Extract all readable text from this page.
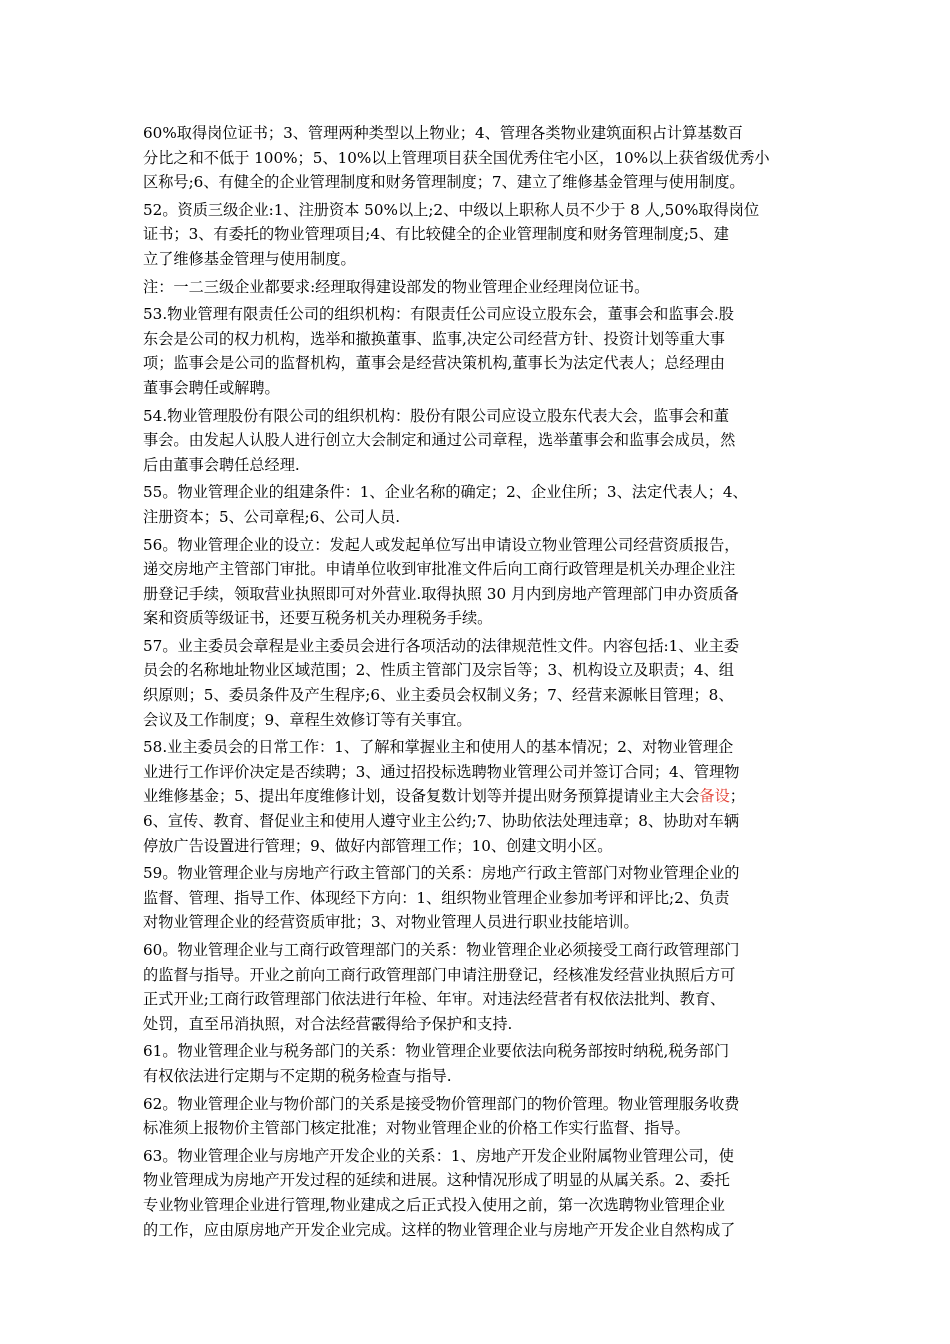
60%取得岗位证书；3、管理两种类型以上物业；4、管理各类物业建筑面积占计算基数百
分比之和不低于 100%；5、10%以上管理项目获全国优秀住宅小区，10%以上获省级优秀小
区称号;6、有健全的企业管理制度和财务管理制度；7、建立了维修基金管理与使用制度。

52。资质三级企业:1、注册资本 50%以上;2、中级以上职称人员不少于 8 人,50%取得岗位
证书；3、有委托的物业管理项目;4、有比较健全的企业管理制度和财务管理制度;5、建
立了维修基金管理与使用制度。

注：一二三级企业都要求:经理取得建设部发的物业管理企业经理岗位证书。

53.物业管理有限责任公司的组织机构：有限责任公司应设立股东会，董事会和监事会.股
东会是公司的权力机构，选举和撤换董事、监事,决定公司经营方针、投资计划等重大事
项；监事会是公司的监督机构，董事会是经营决策机构,董事长为法定代表人；总经理由
董事会聘任或解聘。

54.物业管理股份有限公司的组织机构：股份有限公司应设立股东代表大会，监事会和董
事会。由发起人认股人进行创立大会制定和通过公司章程，选举董事会和监事会成员，然
后由董事会聘任总经理.

55。物业管理企业的组建条件：1、企业名称的确定；2、企业住所；3、法定代表人；4、
注册资本；5、公司章程;6、公司人员.

56。物业管理企业的设立：发起人或发起单位写出申请设立物业管理公司经营资质报告，
递交房地产主管部门审批。申请单位收到审批准文件后向工商行政管理是机关办理企业注
册登记手续，领取营业执照即可对外营业.取得执照 30 月内到房地产管理部门申办资质备
案和资质等级证书，还要互税务机关办理税务手续。

57。业主委员会章程是业主委员会进行各项活动的法律规范性文件。内容包括:1、业主委
员会的名称地址物业区域范围；2、性质主管部门及宗旨等；3、机构设立及职责；4、组
织原则；5、委员条件及产生程序;6、业主委员会权制义务；7、经营来源帐目管理；8、
会议及工作制度；9、章程生效修订等有关事宜。

58.业主委员会的日常工作：1、了解和掌握业主和使用人的基本情况；2、对物业管理企
业进行工作评价决定是否续聘；3、通过招投标选聘物业管理公司并签订合同；4、管理物
业维修基金；5、提出年度维修计划，设备复数计划等并提出财务预算提请业主大会备设；
6、宣传、教育、督促业主和使用人遵守业主公约;7、协助依法处理违章；8、协助对车辆
停放广告设置进行管理；9、做好内部管理工作；10、创建文明小区。

59。物业管理企业与房地产行政主管部门的关系：房地产行政主管部门对物业管理企业的
监督、管理、指导工作、体现经下方向：1、组织物业管理企业参加考评和评比;2、负责
对物业管理企业的经营资质审批；3、对物业管理人员进行职业技能培训。

60。物业管理企业与工商行政管理部门的关系：物业管理企业必须接受工商行政管理部门
的监督与指导。开业之前向工商行政管理部门申请注册登记，经核准发经营业执照后方可
正式开业;工商行政管理部门依法进行年检、年审。对违法经营者有权依法批判、教育、
处罚，直至吊消执照，对合法经营霰得给予保护和支持.

61。物业管理企业与税务部门的关系：物业管理企业要依法向税务部按时纳税,税务部门
有权依法进行定期与不定期的税务检查与指导.

62。物业管理企业与物价部门的关系是接受物价管理部门的物价管理。物业管理服务收费
标准须上报物价主管部门核定批准；对物业管理企业的价格工作实行监督、指导。

63。物业管理企业与房地产开发企业的关系：1、房地产开发企业附属物业管理公司，使
物业管理成为房地产开发过程的延续和进展。这种情况形成了明显的从属关系。2、委托
专业物业管理企业进行管理,物业建成之后正式投入使用之前，第一次选聘物业管理企业
的工作，应由原房地产开发企业完成。这样的物业管理企业与房地产开发企业自然构成了
